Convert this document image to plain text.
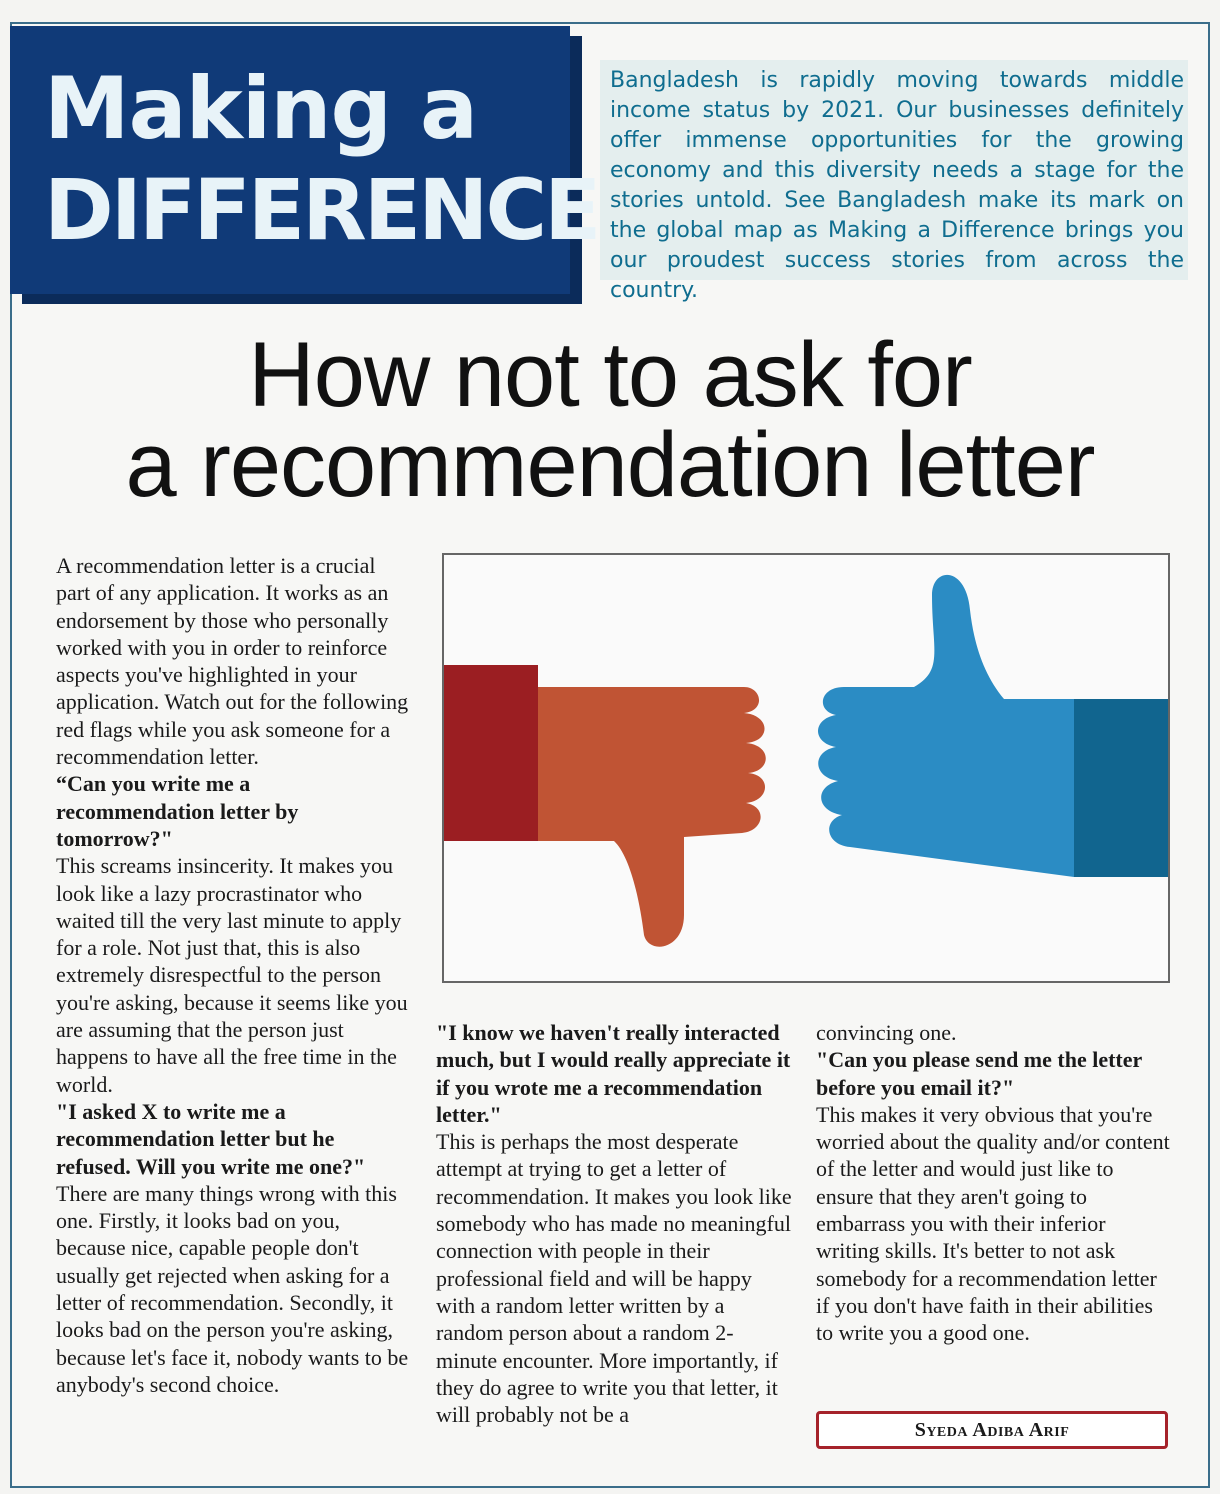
Making a
DIFFERENCE

Bangladesh is rapidly moving towards middle income status by 2021. Our businesses definitely offer immense opportunities for the growing economy and this diversity needs a stage for the stories untold. See Bangladesh make its mark on the global map as Making a Difference brings you our proudest success stories from across the country.

How not to ask for
a recommendation letter

A recommendation letter is a crucial part of any application. It works as an endorsement by those who personally worked with you in order to reinforce aspects you've highlighted in your application. Watch out for the following red flags while you ask someone for a recommendation letter.

“Can you write me a recommendation letter by tomorrow?"

This screams insincerity. It makes you look like a lazy procrastinator who waited till the very last minute to apply for a role. Not just that, this is also extremely disrespectful to the person you're asking, because it seems like you are assuming that the person just happens to have all the free time in the world.

"I asked X to write me a recommendation letter but he refused. Will you write me one?"

There are many things wrong with this one. Firstly, it looks bad on you, because nice, capable people don't usually get rejected when asking for a letter of recommendation. Secondly, it looks bad on the person you're asking, because let's face it, nobody wants to be anybody's second choice.

"I know we haven't really interacted much, but I would really appreciate it if you wrote me a recommendation letter."

This is perhaps the most desperate attempt at trying to get a letter of recommendation. It makes you look like somebody who has made no meaningful connection with people in their professional field and will be happy with a random letter written by a random person about a random 2-minute encounter. More importantly, if they do agree to write you that letter, it will probably not be a

convincing one.

"Can you please send me the letter before you email it?"

This makes it very obvious that you're worried about the quality and/or content of the letter and would just like to ensure that they aren't going to embarrass you with their inferior writing skills. It's better to not ask somebody for a recommendation letter if you don't have faith in their abilities to write you a good one.

Syeda Adiba Arif
